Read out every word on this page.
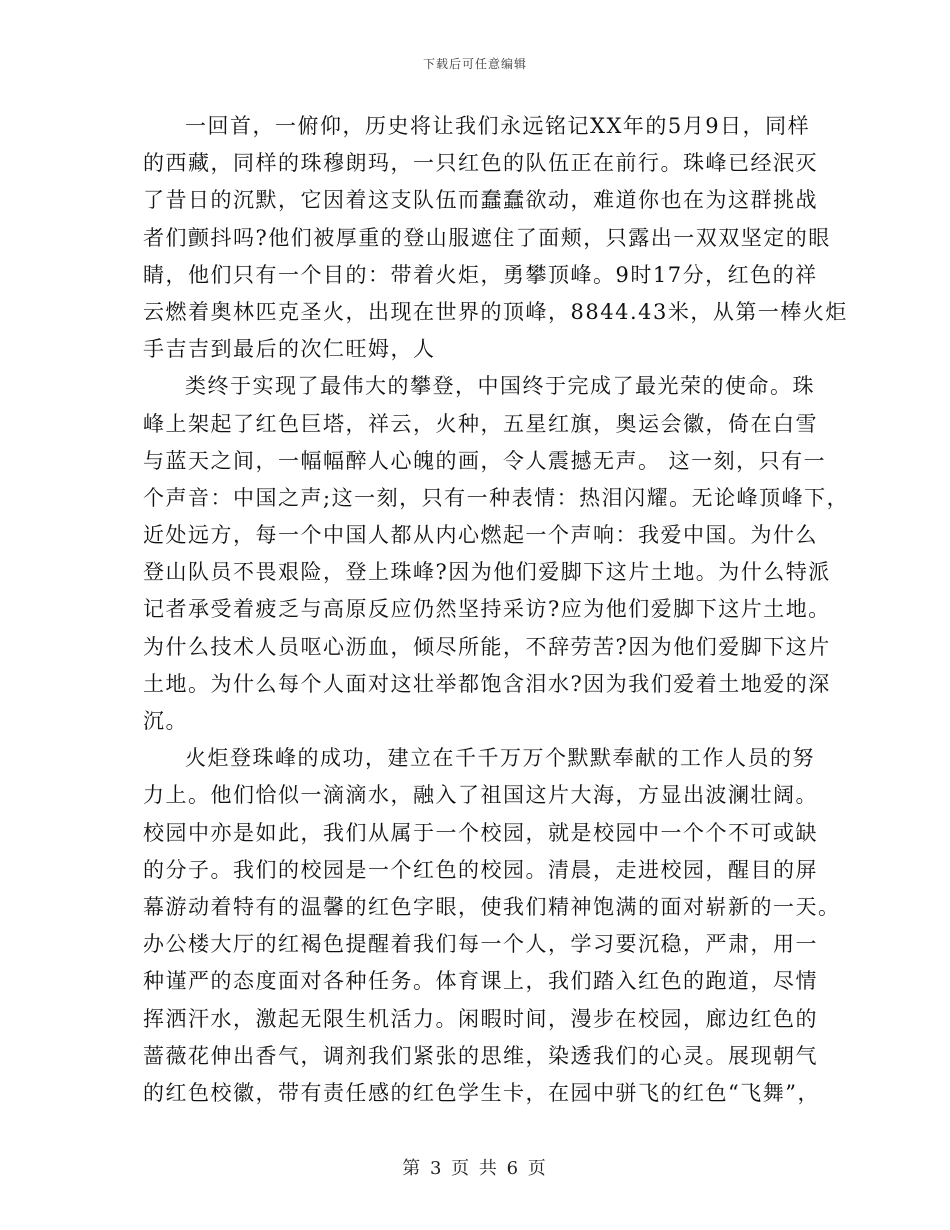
下载后可任意编辑
一回首，一俯仰，历史将让我们永远铭记XX年的5月9日，同样
的西藏，同样的珠穆朗玛，一只红色的队伍正在前行。珠峰已经泯灭
了昔日的沉默，它因着这支队伍而蠢蠢欲动，难道你也在为这群挑战
者们颤抖吗?他们被厚重的登山服遮住了面颊，只露出一双双坚定的眼
睛，他们只有一个目的：带着火炬，勇攀顶峰。9时17分，红色的祥
云燃着奥林匹克圣火，出现在世界的顶峰，8844.43米，从第一棒火炬
手吉吉到最后的次仁旺姆，人
类终于实现了最伟大的攀登，中国终于完成了最光荣的使命。珠
峰上架起了红色巨塔，祥云，火种，五星红旗，奥运会徽，倚在白雪
与蓝天之间，一幅幅醉人心魄的画，令人震撼无声。 这一刻，只有一
个声音：中国之声;这一刻，只有一种表情：热泪闪耀。无论峰顶峰下，
近处远方，每一个中国人都从内心燃起一个声响：我爱中国。为什么
登山队员不畏艰险，登上珠峰?因为他们爱脚下这片土地。为什么特派
记者承受着疲乏与高原反应仍然坚持采访?应为他们爱脚下这片土地。
为什么技术人员呕心沥血，倾尽所能，不辞劳苦?因为他们爱脚下这片
土地。为什么每个人面对这壮举都饱含泪水?因为我们爱着土地爱的深
沉。
火炬登珠峰的成功，建立在千千万万个默默奉献的工作人员的努
力上。他们恰似一滴滴水，融入了祖国这片大海，方显出波澜壮阔。
校园中亦是如此，我们从属于一个校园，就是校园中一个个不可或缺
的分子。我们的校园是一个红色的校园。清晨，走进校园，醒目的屏
幕游动着特有的温馨的红色字眼，使我们精神饱满的面对崭新的一天。
办公楼大厅的红褐色提醒着我们每一个人，学习要沉稳，严肃，用一
种谨严的态度面对各种任务。体育课上，我们踏入红色的跑道，尽情
挥洒汗水，激起无限生机活力。闲暇时间，漫步在校园，廊边红色的
蔷薇花伸出香气，调剂我们紧张的思维，染透我们的心灵。展现朝气
的红色校徽，带有责任感的红色学生卡，在园中骈飞的红色“飞舞”，
第 3 页 共 6 页
